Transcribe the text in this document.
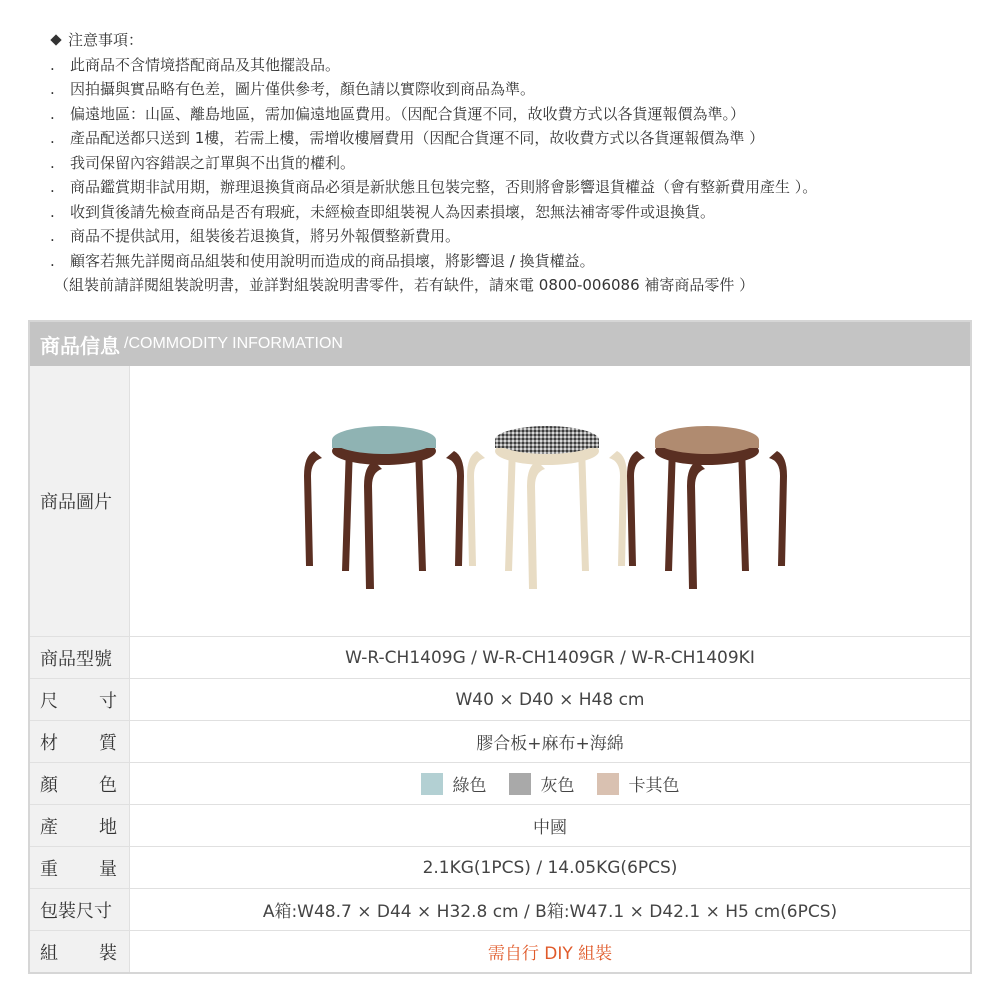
注意事項：
.	此商品不含情境搭配商品及其他擺設品。
.	因拍攝與實品略有色差，圖片僅供參考，顏色請以實際收到商品為準。
.	偏遠地區：山區、離島地區，需加偏遠地區費用。（因配合貨運不同，故收費方式以各貨運報價為準。）
.	產品配送都只送到 1樓，若需上樓，需增收樓層費用（因配合貨運不同，故收費方式以各貨運報價為準 ）
.	我司保留內容錯誤之訂單與不出貨的權利。
.	商品鑑賞期非試用期，辦理退換貨商品必須是新狀態且包裝完整，否則將會影響退貨權益（會有整新費用產生 ）。
.	收到貨後請先檢查商品是否有瑕疵，未經檢查即組裝視人為因素損壞，恕無法補寄零件或退換貨。
.	商品不提供試用，組裝後若退換貨，將另外報價整新費用。
.	顧客若無先詳閱商品組裝和使用說明而造成的商品損壞，將影響退 / 換貨權益。
（組裝前請詳閱組裝說明書，並詳對組裝說明書零件，若有缺件，請來電 0800-006086 補寄商品零件 ）
商品信息 /COMMODITY INFORMATION
商品圖片
商品型號	W-R-CH1409G / W-R-CH1409GR / W-R-CH1409KI
尺 寸	W40 × D40 × H48 cm
材 質	膠合板+麻布+海綿
顏 色	綠色	灰色	卡其色
產 地	中國
重 量	2.1KG(1PCS) / 14.05KG(6PCS)
包裝尺寸	A箱:W48.7 × D44 × H32.8 cm / B箱:W47.1 × D42.1 × H5 cm(6PCS)
組 裝	需自行 DIY 組裝
